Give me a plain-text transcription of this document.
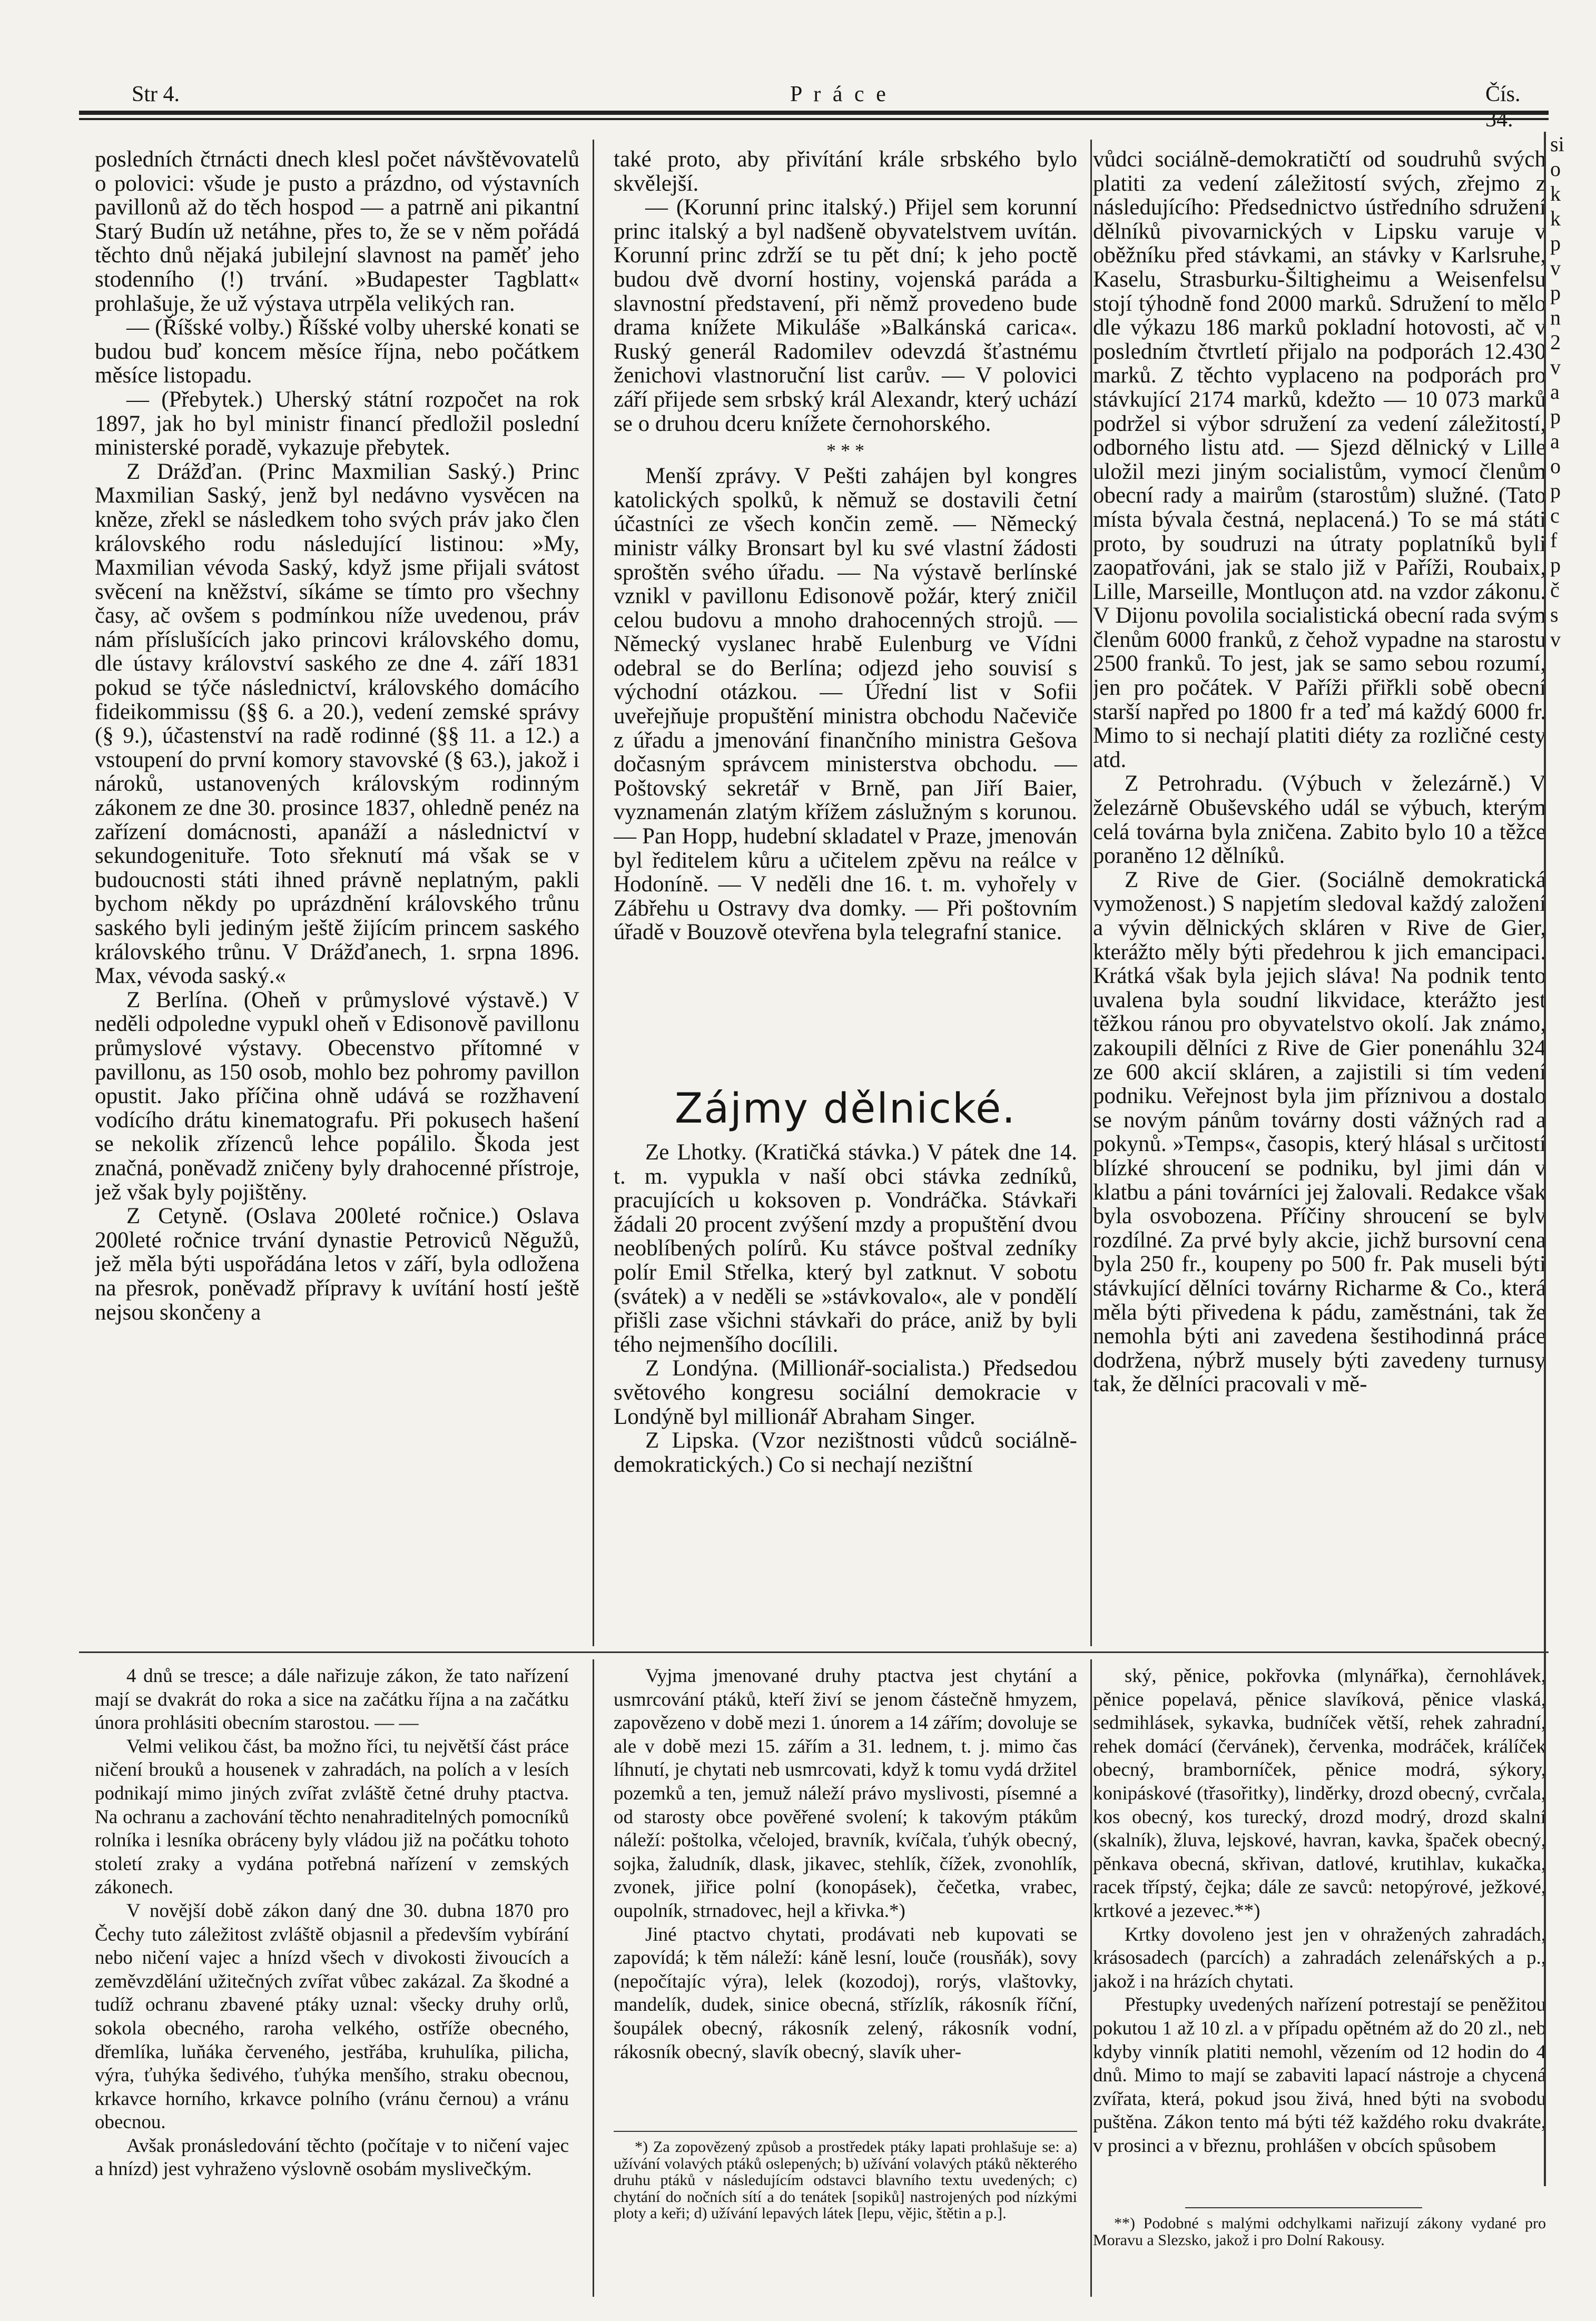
Str 4.	P r á c e	Čís. 34.

posledních čtrnácti dnech klesl počet návštěvovatelů o polovici: všude je pusto a prázdno, od výstavních pavillonů až do těch hospod — a patrně ani pikantní Starý Budín už netáhne, přes to, že se v něm pořádá těchto dnů nějaká jubilejní slavnost na paměť jeho stodenního (!) trvání. »Budapester Tagblatt« prohlašuje, že už výstava utrpěla velikých ran.

— (Říšské volby.) Říšské volby uherské konati se budou buď koncem měsíce října, nebo počátkem měsíce listopadu.

— (Přebytek.) Uherský státní rozpočet na rok 1897, jak ho byl ministr financí předložil poslední ministerské poradě, vykazuje přebytek.

Z Drážďan. (Princ Maxmilian Saský.) Princ Maxmilian Saský, jenž byl nedávno vysvěcen na kněze, zřekl se následkem toho svých práv jako člen královského rodu následující listinou: »My, Maxmilian vévoda Saský, když jsme přijali svátost svěcení na kněžství, síkáme se tímto pro všechny časy, ač ovšem s podmínkou níže uvedenou, práv nám příslušících jako princovi královského domu, dle ústavy království saského ze dne 4. září 1831 pokud se týče následnictví, královského domácího fideikommissu (§§ 6. a 20.), vedení zemské správy (§ 9.), účastenství na radě rodinné (§§ 11. a 12.) a vstoupení do první komory stavovské (§ 63.), jakož i nároků, ustanovených královským rodinným zákonem ze dne 30. prosince 1837, ohledně penéz na zařízení domácnosti, apanáží a následnictví v sekundogenituře. Toto sřeknutí má však se v budoucnosti státi ihned právně neplatným, pakli bychom někdy po uprázdnění královského trůnu saského byli jediným ještě žijícím princem saského královského trůnu. V Drážďanech, 1. srpna 1896. Max, vévoda saský.«

Z Berlína. (Oheň v průmyslové výstavě.) V neděli odpoledne vypukl oheň v Edisonově pavillonu průmyslové výstavy. Obecenstvo přítomné v pavillonu, as 150 osob, mohlo bez pohromy pavillon opustit. Jako příčina ohně udává se rozžhavení vodícího drátu kinematografu. Při pokusech hašení se nekolik zřízenců lehce popálilo. Škoda jest značná, poněvadž zničeny byly drahocenné přístroje, jež však byly pojištěny.

Z Cetyně. (Oslava 200leté ročnice.) Oslava 200leté ročnice trvání dynastie Petroviců Něgužů, jež měla býti uspořádána letos v září, byla odložena na přesrok, poněvadž přípravy k uvítání hostí ještě nejsou skončeny a

také proto, aby přivítání krále srbského bylo skvělejší.

— (Korunní princ italský.) Přijel sem korunní princ italský a byl nadšeně obyvatelstvem uvítán. Korunní princ zdrží se tu pět dní; k jeho poctě budou dvě dvorní hostiny, vojenská paráda a slavnostní představení, při němž provedeno bude drama knížete Mikuláše »Balkánská carica«. Ruský generál Radomilev odevzdá šťastnému ženichovi vlastnoruční list carův. — V polovici září přijede sem srbský král Alexandr, který uchází se o druhou dceru knížete černohorského.

* * *

Menší zprávy. V Pešti zahájen byl kongres katolických spolků, k němuž se dostavili četní účastníci ze všech končin země. — Německý ministr války Bronsart byl ku své vlastní žádosti sproštěn svého úřadu. — Na výstavě berlínské vznikl v pavillonu Edisonově požár, který zničil celou budovu a mnoho drahocenných strojů. — Německý vyslanec hrabě Eulenburg ve Vídni odebral se do Berlína; odjezd jeho souvisí s východní otázkou. — Úřední list v Sofii uveřejňuje propuštění ministra obchodu Načeviče z úřadu a jmenování finančního ministra Gešova dočasným správcem ministerstva obchodu. — Poštovský sekretář v Brně, pan Jiří Baier, vyznamenán zlatým křížem záslužným s korunou. — Pan Hopp, hudební skladatel v Praze, jmenován byl ředitelem kůru a učitelem zpěvu na reálce v Hodoníně. — V neděli dne 16. t. m. vyhořely v Zábřehu u Ostravy dva domky. — Při poštovním úřadě v Bouzově otevřena byla telegrafní stanice.

Zájmy dělnické.

Ze Lhotky. (Kratičká stávka.) V pátek dne 14. t. m. vypukla v naší obci stávka zedníků, pracujících u koksoven p. Vondráčka. Stávkaři žádali 20 procent zvýšení mzdy a propuštění dvou neoblíbených polírů. Ku stávce poštval zedníky polír Emil Střelka, který byl zatknut. V sobotu (svátek) a v neděli se »stávkovalo«, ale v pondělí přišli zase všichni stávkaři do práce, aniž by byli tého nejmenšího docílili.

Z Londýna. (Millionář-socialista.) Předsedou světového kongresu sociální demokracie v Londýně byl millionář Abraham Singer.

Z Lipska. (Vzor nezištnosti vůdců sociálně-demokratických.) Co si nechají nezištní

vůdci sociálně-demokratičtí od soudruhů svých platiti za vedení záležitostí svých, zřejmo z následujícího: Předsednictvo ústředního sdružení dělníků pivovarnických v Lipsku varuje v oběžníku před stávkami, an stávky v Karlsruhe, Kaselu, Strasburku-Šiltigheimu a Weisenfelsu stojí týhodně fond 2000 marků. Sdružení to mělo dle výkazu 186 marků pokladní hotovosti, ač v posledním čtvrtletí přijalo na podporách 12.430 marků. Z těchto vyplaceno na podporách pro stávkující 2174 marků, kdežto — 10 073 marků podržel si výbor sdružení za vedení záležitostí, odborného listu atd. — Sjezd dělnický v Lille uložil mezi jiným socialistům, vymocí členům obecní rady a mairům (starostům) služné. (Tato místa bývala čestná, neplacená.) To se má státi proto, by soudruzi na útraty poplatníků byli zaopatřováni, jak se stalo již v Paříži, Roubaix, Lille, Marseille, Montluçon atd. na vzdor zákonu. V Dijonu povolila socialistická obecní rada svým členům 6000 franků, z čehož vypadne na starostu 2500 franků. To jest, jak se samo sebou rozumí, jen pro počátek. V Paříži přiřkli sobě obecní starší napřed po 1800 fr a teď má každý 6000 fr. Mimo to si nechají platiti diéty za rozličné cesty atd.

Z Petrohradu. (Výbuch v železárně.) V železárně Obuševského udál se výbuch, kterým celá továrna byla zničena. Zabito bylo 10 a těžce poraněno 12 dělníků.

Z Rive de Gier. (Sociálně demokratická vymoženost.) S napjetím sledoval každý založení a vývin dělnických skláren v Rive de Gier, kterážto měly býti předehrou k jich emancipaci. Krátká však byla jejich sláva! Na podnik tento uvalena byla soudní likvidace, kterážto jest těžkou ránou pro obyvatelstvo okolí. Jak známo, zakoupili dělníci z Rive de Gier ponenáhlu 324 ze 600 akcií skláren, a zajistili si tím vedení podniku. Veřejnost byla jim příznivou a dostalo se novým pánům továrny dosti vážných rad a pokynů. »Temps«, časopis, který hlásal s určitostí blízké shroucení se podniku, byl jimi dán v klatbu a páni továrníci jej žalovali. Redakce však byla osvobozena. Příčiny shroucení se bylv rozdílné. Za prvé byly akcie, jichž bursovní cena byla 250 fr., koupeny po 500 fr. Pak museli býti stávkující dělníci továrny Richarme & Co., která měla býti přivedena k pádu, zaměstnáni, tak že nemohla býti ani zavedena šestihodinná práce dodržena, nýbrž musely býti zavedeny turnusy tak, že dělníci pracovali v mě-

4 dnů se tresce; a dále nařizuje zákon, že tato nařízení mají se dvakrát do roka a sice na začátku října a na začátku února prohlásiti obecním starostou. — —

Velmi velikou část, ba možno říci, tu největší část práce ničení brouků a housenek v zahradách, na polích a v lesích podnikají mimo jiných zvířat zvláště četné druhy ptactva. Na ochranu a zachování těchto nenahraditelných pomocníků rolníka i lesníka obráceny byly vládou již na počátku tohoto století zraky a vydána potřebná nařízení v zemských zákonech.

V novější době zákon daný dne 30. dubna 1870 pro Čechy tuto záležitost zvláště objasnil a především vybírání nebo ničení vajec a hnízd všech v divokosti živoucích a zeměvzdělání užitečných zvířat vůbec zakázal. Za škodné a tudíž ochranu zbavené ptáky uznal: všecky druhy orlů, sokola obecného, raroha velkého, ostříže obecného, dřemlíka, luňáka červeného, jestřába, kruhulíka, pilicha, výra, ťuhýka šedivého, ťuhýka menšího, straku obecnou, krkavce horního, krkavce polního (vránu černou) a vránu obecnou.

Avšak pronásledování těchto (počítaje v to ničení vajec a hnízd) jest vyhraženo výslovně osobám myslivečkým.

Vyjma jmenované druhy ptactva jest chytání a usmrcování ptáků, kteří živí se jenom částečně hmyzem, zapovězeno v době mezi 1. únorem a 14 zářím; dovoluje se ale v době mezi 15. zářím a 31. lednem, t. j. mimo čas líhnutí, je chytati neb usmrcovati, když k tomu vydá držitel pozemků a ten, jemuž náleží právo myslivosti, písemné a od starosty obce pověřené svolení; k takovým ptákům náleží: poštolka, včelojed, bravník, kvíčala, ťuhýk obecný, sojka, žaludník, dlask, jikavec, stehlík, čížek, zvonohlík, zvonek, jiřice polní (konopásek), čečetka, vrabec, oupolník, strnadovec, hejl a křivka.*)

Jiné ptactvo chytati, prodávati neb kupovati se zapovídá; k těm náleží: káně lesní, louče (rousňák), sovy (nepočítajíc výra), lelek (kozodoj), rorýs, vlaštovky, mandelík, dudek, sinice obecná, střízlík, rákosník říční, šoupálek obecný, rákosník zelený, rákosník vodní, rákosník obecný, slavík obecný, slavík uher-

*) Za zopovězený způsob a prostředek ptáky lapati prohlašuje se: a) užívání volavých ptáků oslepených; b) užívání volavých ptáků některého druhu ptáků v následujícím odstavci blavního textu uvedených; c) chytání do nočních sítí a do tenátek [sopiků] nastrojených pod nízkými ploty a keři; d) užívání lepavých látek [lepu, vějic, štětin a p.].

ský, pěnice, pokřovka (mlynářka), černohlávek, pěnice popelavá, pěnice slavíková, pěnice vlaská, sedmihlásek, sykavka, budníček větší, rehek zahradní, rehek domácí (červánek), červenka, modráček, králíček obecný, bramborníček, pěnice modrá, sýkory, konipáskové (třasořitky), linděrky, drozd obecný, cvrčala, kos obecný, kos turecký, drozd modrý, drozd skalní (skalník), žluva, lejskové, havran, kavka, špaček obecný, pěnkava obecná, skřivan, datlové, krutihlav, kukačka, racek třípstý, čejka; dále ze savců: netopýrové, ježkové, krtkové a jezevec.**)

Krtky dovoleno jest jen v ohražených zahradách, krásosadech (parcích) a zahradách zelenářských a p., jakož i na hrázích chytati.

Přestupky uvedených nařízení potrestají se peněžitou pokutou 1 až 10 zl. a v případu opětném až do 20 zl., neb kdyby vinník platiti nemohl, vězením od 12 hodin do 4 dnů. Mimo to mají se zabaviti lapací nástroje a chycená zvířata, která, pokud jsou živá, hned býti na svobodu puštěna. Zákon tento má býti též každého roku dvakráte, v prosinci a v březnu, prohlášen v obcích spůsobem

**) Podobné s malými odchylkami nařizují zákony vydané pro Moravu a Slezsko, jakož i pro Dolní Rakousy.

si
o
k
k
p
v
p
n
2
v
a
p
a
o
p
c
f
p
č
s
v
